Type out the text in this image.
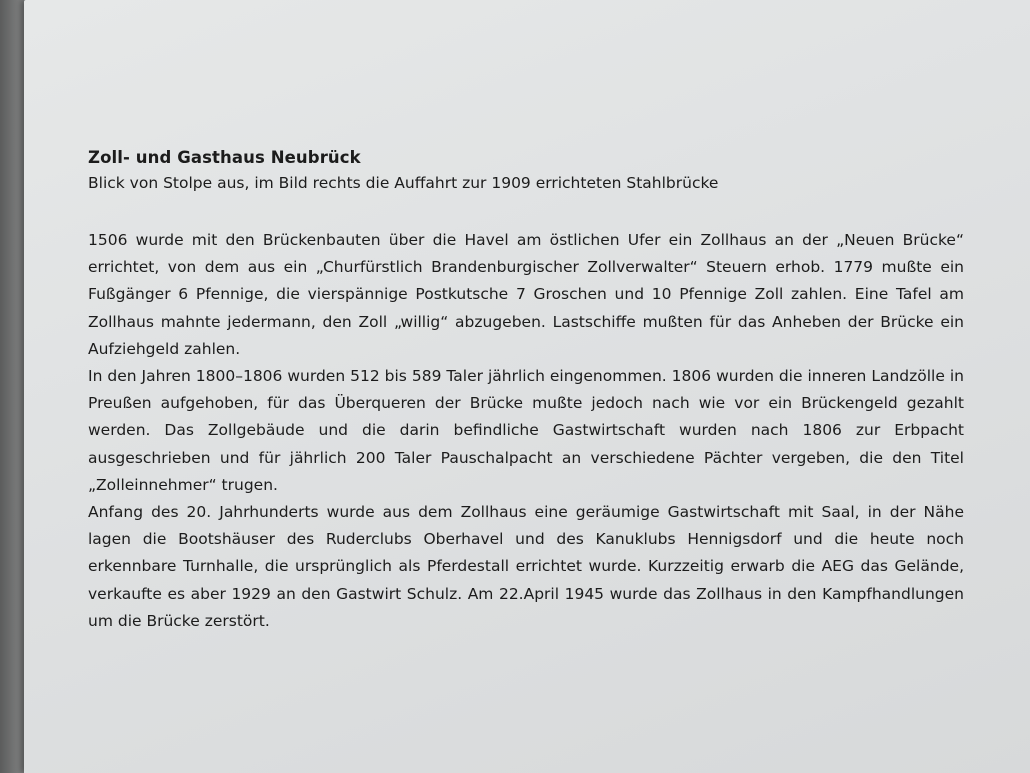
Zoll- und Gasthaus Neubrück

Blick von Stolpe aus, im Bild rechts die Auffahrt zur 1909 errichteten Stahlbrücke

1506 wurde mit den Brückenbauten über die Havel am östlichen Ufer ein Zollhaus an der „Neuen Brücke“ errichtet, von dem aus ein „Churfürstlich Brandenburgischer Zollverwalter“ Steuern erhob. 1779 mußte ein Fußgänger 6 Pfennige, die vierspännige Postkutsche 7 Groschen und 10 Pfennige Zoll zahlen. Eine Tafel am Zollhaus mahnte jedermann, den Zoll „willig“ abzugeben. Lastschiffe mußten für das Anheben der Brücke ein Aufziehgeld zahlen.

In den Jahren 1800–1806 wurden 512 bis 589 Taler jährlich eingenommen. 1806 wurden die inneren Landzölle in Preußen aufgehoben, für das Überqueren der Brücke mußte jedoch nach wie vor ein Brückengeld gezahlt werden. Das Zollgebäude und die darin befindliche Gastwirtschaft wurden nach 1806 zur Erbpacht ausgeschrieben und für jährlich 200 Taler Pauschalpacht an verschiedene Pächter vergeben, die den Titel „Zolleinnehmer“ trugen.

Anfang des 20. Jahrhunderts wurde aus dem Zollhaus eine geräumige Gastwirtschaft mit Saal, in der Nähe lagen die Bootshäuser des Ruderclubs Oberhavel und des Kanuklubs Hennigsdorf und die heute noch erkennbare Turnhalle, die ursprünglich als Pferdestall errichtet wurde. Kurzzeitig erwarb die AEG das Gelände, verkaufte es aber 1929 an den Gastwirt Schulz. Am 22.April 1945 wurde das Zollhaus in den Kampfhandlungen um die Brücke zerstört.
